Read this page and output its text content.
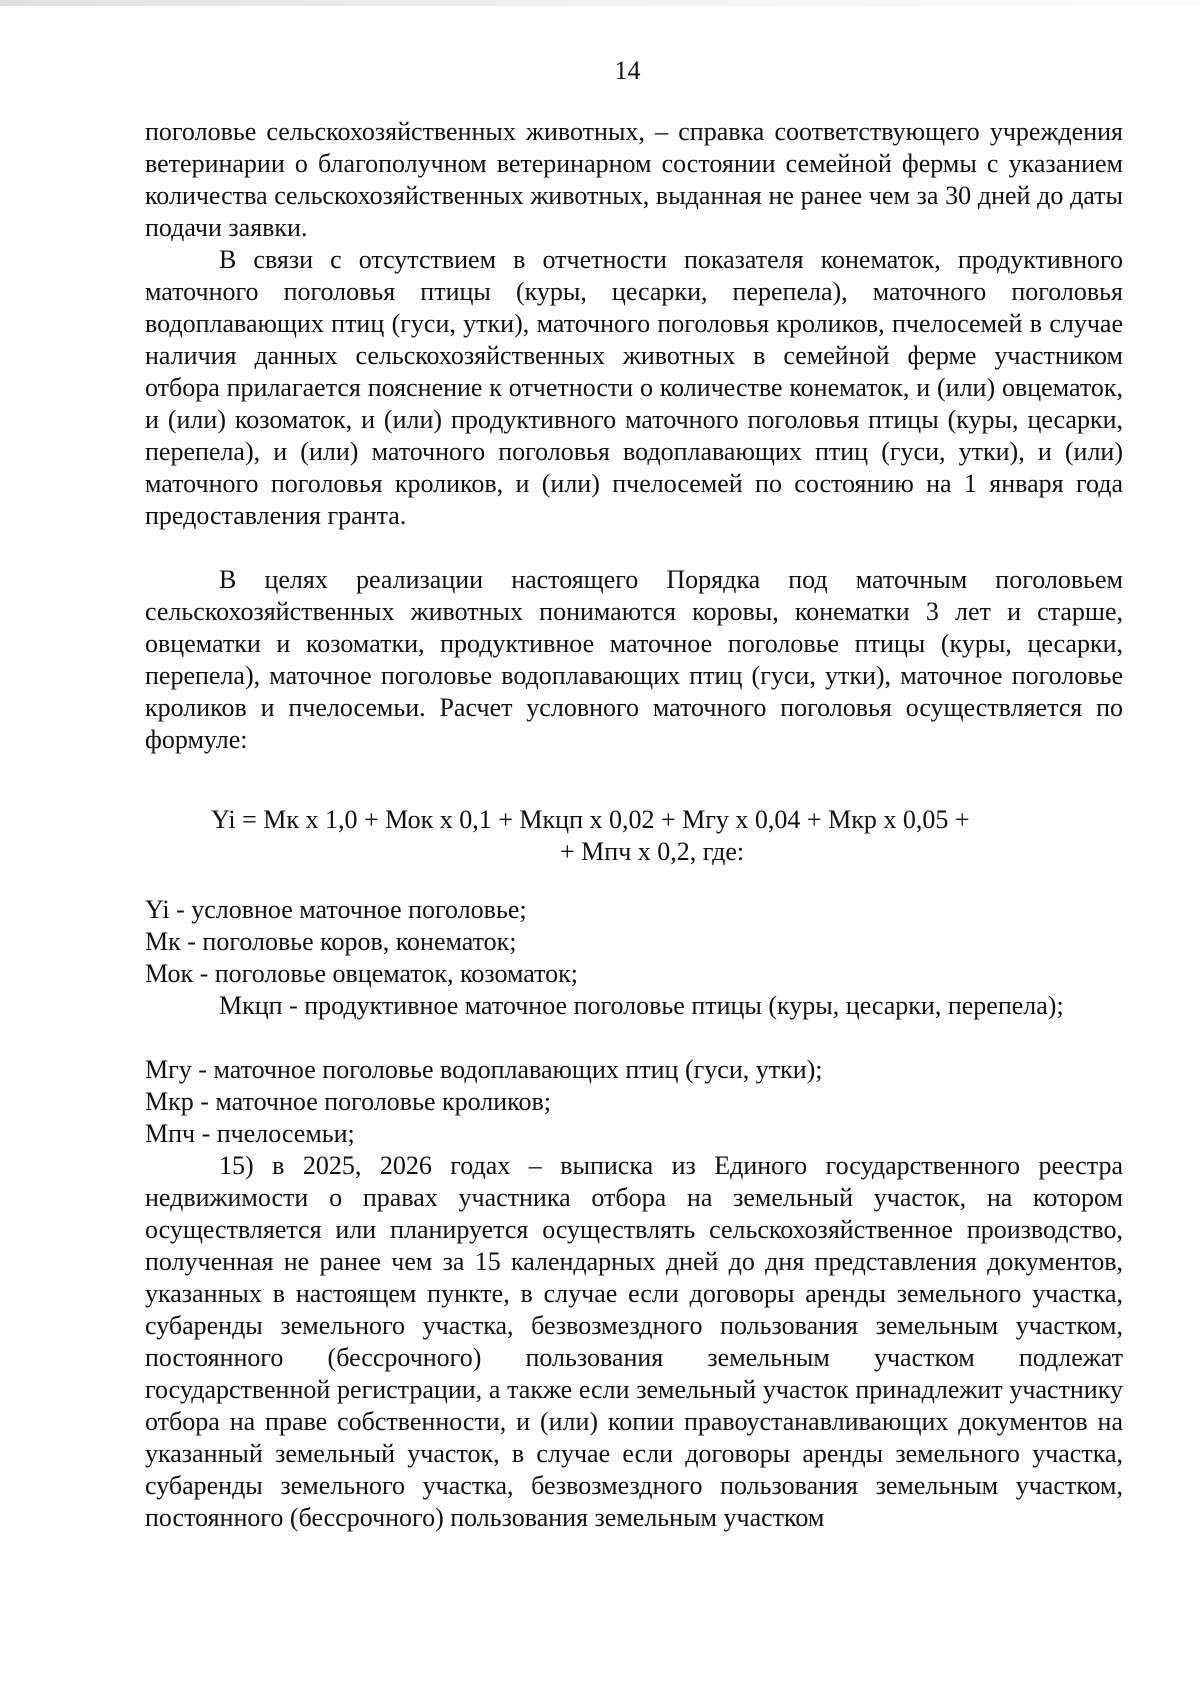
14

поголовье сельскохозяйственных животных, – справка соответствующего учреждения ветеринарии о благополучном ветеринарном состоянии семейной фермы с указанием количества сельскохозяйственных животных, выданная не ранее чем за 30 дней до даты подачи заявки.

В связи с отсутствием в отчетности показателя конематок, продуктивного маточного поголовья птицы (куры, цесарки, перепела), маточного поголовья водоплавающих птиц (гуси, утки), маточного поголовья кроликов, пчелосемей в случае наличия данных сельскохозяйственных животных в семейной ферме участником отбора прилагается пояснение к отчетности о количестве конематок, и (или) овцематок, и (или) козоматок, и (или) продуктивного маточного поголовья птицы (куры, цесарки, перепела), и (или) маточного поголовья водоплавающих птиц (гуси, утки), и (или) маточного поголовья кроликов, и (или) пчелосемей по состоянию на 1 января года предоставления гранта.

В целях реализации настоящего Порядка под маточным поголовьем сельскохозяйственных животных понимаются коровы, конематки 3 лет и старше, овцематки и козоматки, продуктивное маточное поголовье птицы (куры, цесарки, перепела), маточное поголовье водоплавающих птиц (гуси, утки), маточное поголовье кроликов и пчелосемьи. Расчет условного маточного поголовья осуществляется по формуле:

Yi = Мк х 1,0 + Мок х 0,1 + Мкцп х 0,02 + Мгу х 0,04 + Мкр х 0,05 +
+ Мпч х 0,2, где:

Yi - условное маточное поголовье;

Мк - поголовье коров, конематок;

Мок - поголовье овцематок, козоматок;

Мкцп - продуктивное маточное поголовье птицы (куры, цесарки, перепела);

Мгу - маточное поголовье водоплавающих птиц (гуси, утки);

Мкр - маточное поголовье кроликов;

Мпч - пчелосемьи;

15) в 2025, 2026 годах – выписка из Единого государственного реестра недвижимости о правах участника отбора на земельный участок, на котором осуществляется или планируется осуществлять сельскохозяйственное производство, полученная не ранее чем за 15 календарных дней до дня представления документов, указанных в настоящем пункте, в случае если договоры аренды земельного участка, субаренды земельного участка, безвозмездного пользования земельным участком, постоянного (бессрочного) пользования земельным участком подлежат государственной регистрации, а также если земельный участок принадлежит участнику отбора на праве собственности, и (или) копии правоустанавливающих документов на указанный земельный участок, в случае если договоры аренды земельного участка, субаренды земельного участка, безвозмездного пользования земельным участком, постоянного (бессрочного) пользования земельным участком
